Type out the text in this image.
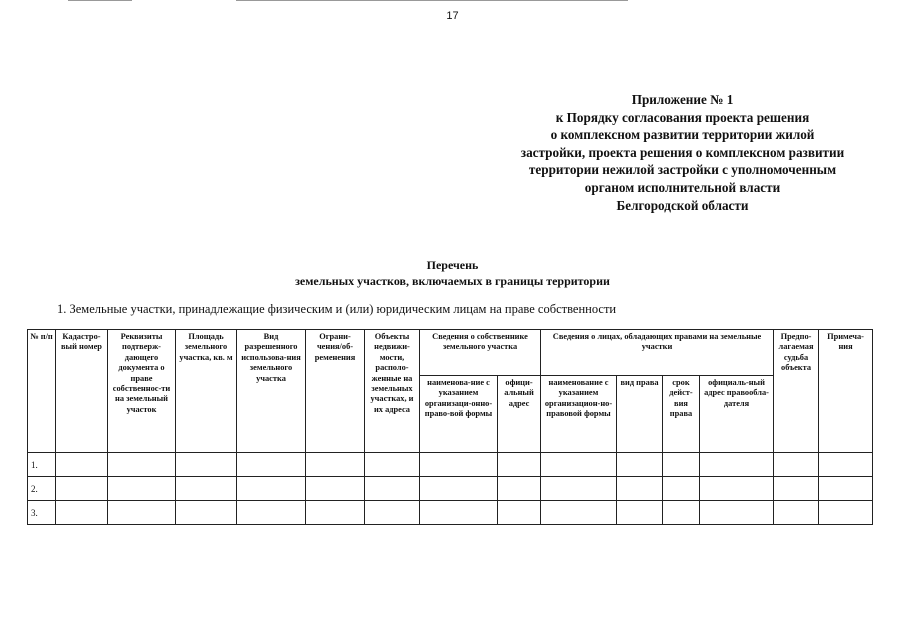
17
Приложение № 1
к Порядку согласования проекта решения
о комплексном развитии территории жилой
застройки, проекта решения о комплексном развитии
территории нежилой застройки с уполномоченным
органом исполнительной власти
Белгородской области
Перечень
земельных участков, включаемых в границы территории
1. Земельные участки, принадлежащие физическим и (или) юридическим лицам на праве собственности
№ п/п	Кадастро-вый номер	Реквизиты подтверж-дающего документа о праве собственнос-ти на земельный участок	Площадь земельного участка, кв. м	Вид разрешенного использова-ния земельного участка	Ограни-чения/об-ременения	Объекты недвижи-мости, располо-женные на земельных участках, и их адреса	Сведения о собственнике земельного участка		Сведения о лицах, обладающих правами на земельные участки				Предпо-лагаемая судьба объекта	Примеча-ния
							наименова-ние с указанием организаци-онно-право-вой формы	офици-альный адрес	наименование с указанием организацион-но-правовой формы	вид права	срок дейст-вия права	официаль-ный адрес правообла-дателя		
1.														
2.														
3.														
